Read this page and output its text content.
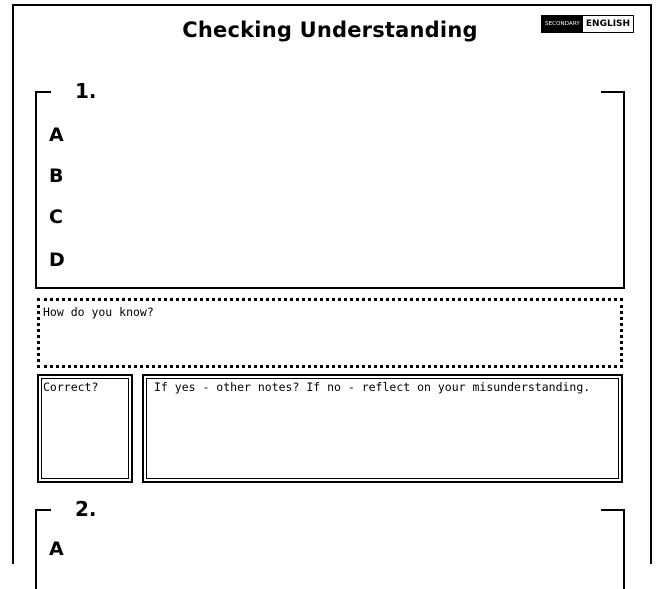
Checking Understanding	SECONDARY ENGLISH
1.
A
B
C
D
How do you know?
Correct?	If yes - other notes? If no - reflect on your misunderstanding.
2.
A
